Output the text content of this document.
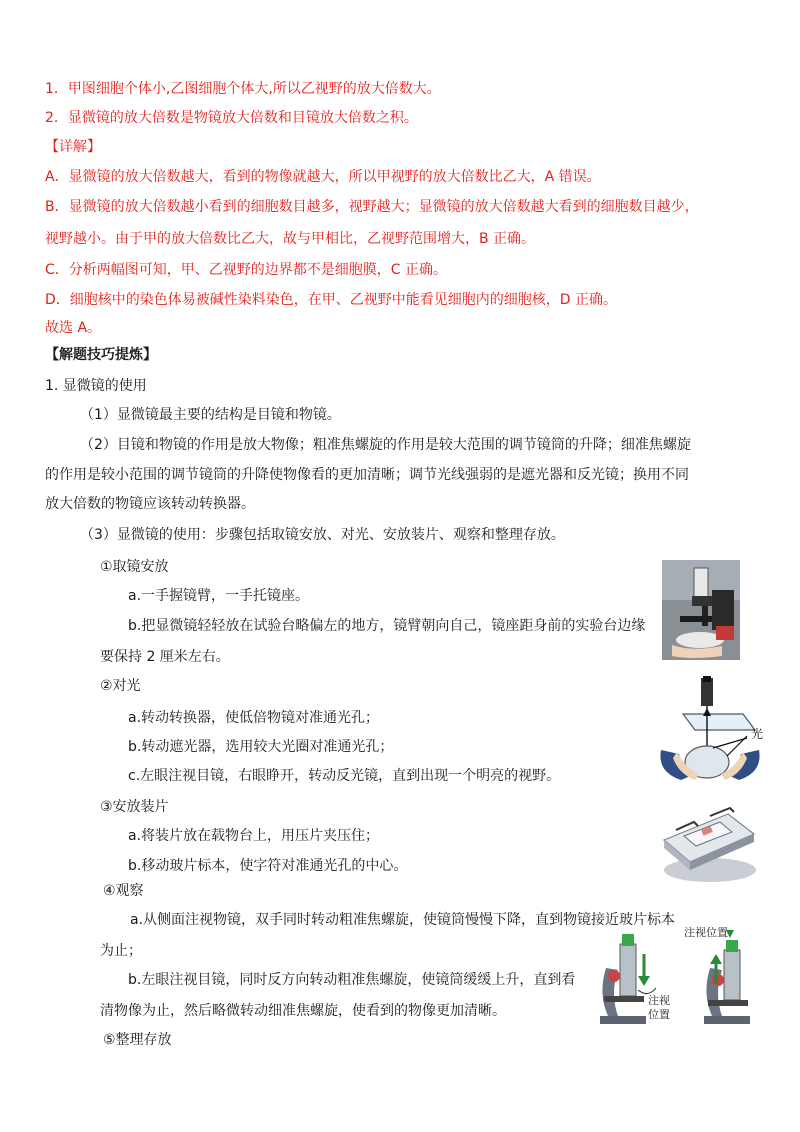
1．甲图细胞个体小,乙图细胞个体大,所以乙视野的放大倍数大。
2．显微镜的放大倍数是物镜放大倍数和目镜放大倍数之积。
【详解】
A．显微镜的放大倍数越大，看到的物像就越大，所以甲视野的放大倍数比乙大，A 错误。
B．显微镜的放大倍数越小看到的细胞数目越多，视野越大；显微镜的放大倍数越大看到的细胞数目越少，
视野越小。由于甲的放大倍数比乙大，故与甲相比，乙视野范围增大，B 正确。
C．分析两幅图可知，甲、乙视野的边界都不是细胞膜，C 正确。
D．细胞核中的染色体易被碱性染料染色，在甲、乙视野中能看见细胞内的细胞核，D 正确。
故选 A。
【解题技巧提炼】
1. 显微镜的使用
（1）显微镜最主要的结构是目镜和物镜。
（2）目镜和物镜的作用是放大物像；粗准焦螺旋的作用是较大范围的调节镜筒的升降；细准焦螺旋
的作用是较小范围的调节镜筒的升降使物像看的更加清晰；调节光线强弱的是遮光器和反光镜；换用不同
放大倍数的物镜应该转动转换器。
（3）显微镜的使用：步骤包括取镜安放、对光、安放装片、观察和整理存放。
①取镜安放
a.一手握镜臂，一手托镜座。
b.把显微镜轻轻放在试验台略偏左的地方，镜臂朝向自己，镜座距身前的实验台边缘
要保持 2 厘米左右。
②对光
a.转动转换器，使低倍物镜对准通光孔；
b.转动遮光器，选用较大光圈对准通光孔；
c.左眼注视目镜，右眼睁开，转动反光镜，直到出现一个明亮的视野。
③安放装片
a.将装片放在载物台上，用压片夹压住；
b.移动玻片标本，使字符对准通光孔的中心。
④观察
a.从侧面注视物镜，双手同时转动粗准焦螺旋，使镜筒慢慢下降，直到物镜接近玻片标本
为止；
b.左眼注视目镜，同时反方向转动粗准焦螺旋，使镜筒缓缓上升，直到看
清物像为止，然后略微转动细准焦螺旋，使看到的物像更加清晰。
⑤整理存放
光
注视
位置
注视位置
